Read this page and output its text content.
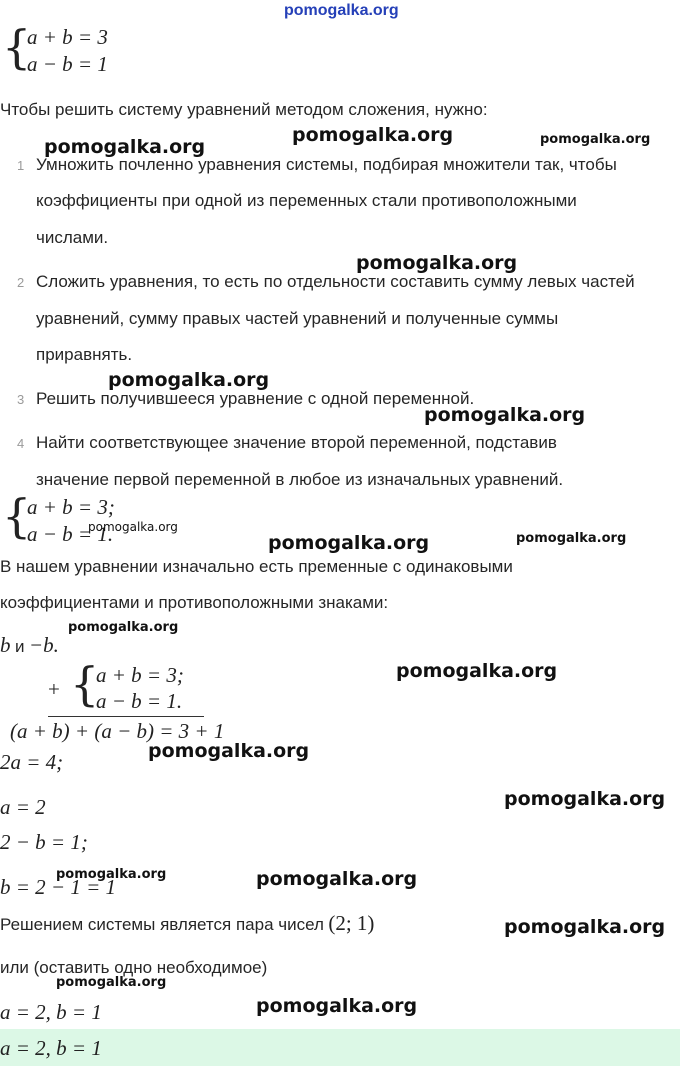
pomogalka.org
{
a + b = 3
a − b = 1
Чтобы решить систему уравнений методом сложения, нужно:
1 Умножить почленно уравнения системы, подбирая множители так, чтобы
коэффициенты при одной из переменных стали противоположными
числами.
2 Сложить уравнения, то есть по отдельности составить сумму левых частей
уравнений, сумму правых частей уравнений и полученные суммы
приравнять.
3 Решить получившееся уравнение с одной переменной.
4 Найти соответствующее значение второй переменной, подставив
значение первой переменной в любое из изначальных уравнений.
{
a + b = 3;
a − b = 1.
В нашем уравнении изначально есть пременные с одинаковыми
коэффициентами и противоположными знаками:
b и −b.
+ {
a + b = 3;
a − b = 1.
(a + b) + (a − b) = 3 + 1
2a = 4;
a = 2
2 − b = 1;
b = 2 − 1 = 1
Решением системы является пара чисел (2; 1)
или (оставить одно необходимое)
a = 2, b = 1
a = 2, b = 1
pomogalka.org
pomogalka.org	pomogalka.org
pomogalka.org
pomogalka.org
pomogalka.org
pomogalka.org
pomogalka.org	pomogalka.org
pomogalka.org
pomogalka.org
pomogalka.org
pomogalka.org
pomogalka.org	pomogalka.org
pomogalka.org
pomogalka.org
pomogalka.org
